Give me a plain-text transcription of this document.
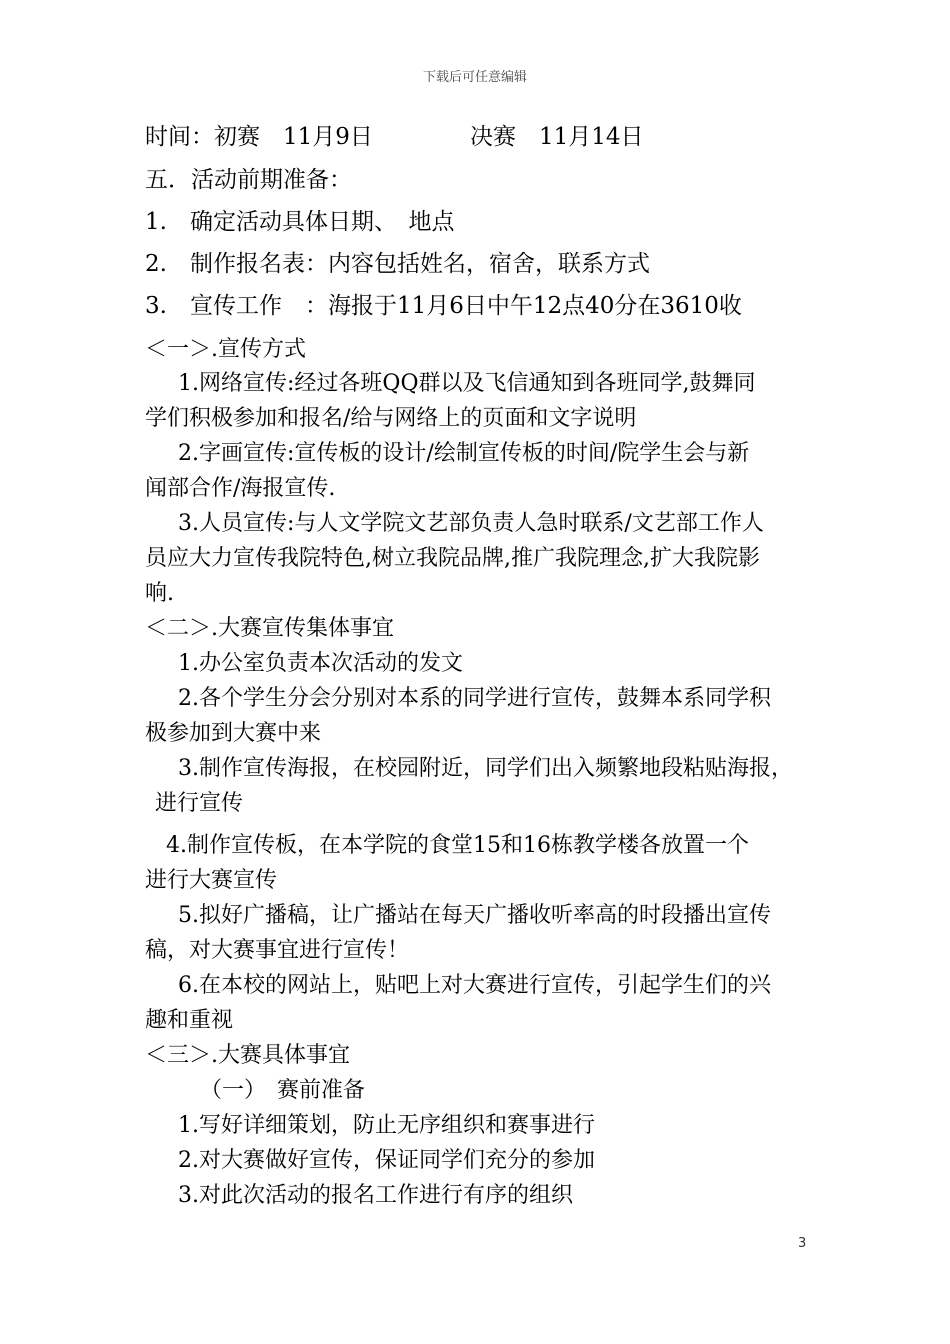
下载后可任意编辑
时间：初赛　11月9日	决赛　11月14日
五．活动前期准备：
1.　确定活动具体日期、　地点
2.　制作报名表：内容包括姓名，宿舍，联系方式
3.　宣传工作　：海报于11月6日中午12点40分在3610收
＜一＞.宣传方式
1.网络宣传:经过各班QQ群以及飞信通知到各班同学,鼓舞同
学们积极参加和报名/给与网络上的页面和文字说明
2.字画宣传:宣传板的设计/绘制宣传板的时间/院学生会与新
闻部合作/海报宣传.
3.人员宣传:与人文学院文艺部负责人急时联系/文艺部工作人
员应大力宣传我院特色,树立我院品牌,推广我院理念,扩大我院影
响.
＜二＞.大赛宣传集体事宜
1.办公室负责本次活动的发文
2.各个学生分会分别对本系的同学进行宣传，鼓舞本系同学积
极参加到大赛中来
3.制作宣传海报，在校园附近，同学们出入频繁地段粘贴海报，
进行宣传
4.制作宣传板，在本学院的食堂15和16栋教学楼各放置一个
进行大赛宣传
5.拟好广播稿，让广播站在每天广播收听率高的时段播出宣传
稿，对大赛事宜进行宣传！
6.在本校的网站上，贴吧上对大赛进行宣传，引起学生们的兴
趣和重视
＜三＞.大赛具体事宜
（一）　赛前准备
1.写好详细策划，防止无序组织和赛事进行
2.对大赛做好宣传，保证同学们充分的参加
3.对此次活动的报名工作进行有序的组织
3
